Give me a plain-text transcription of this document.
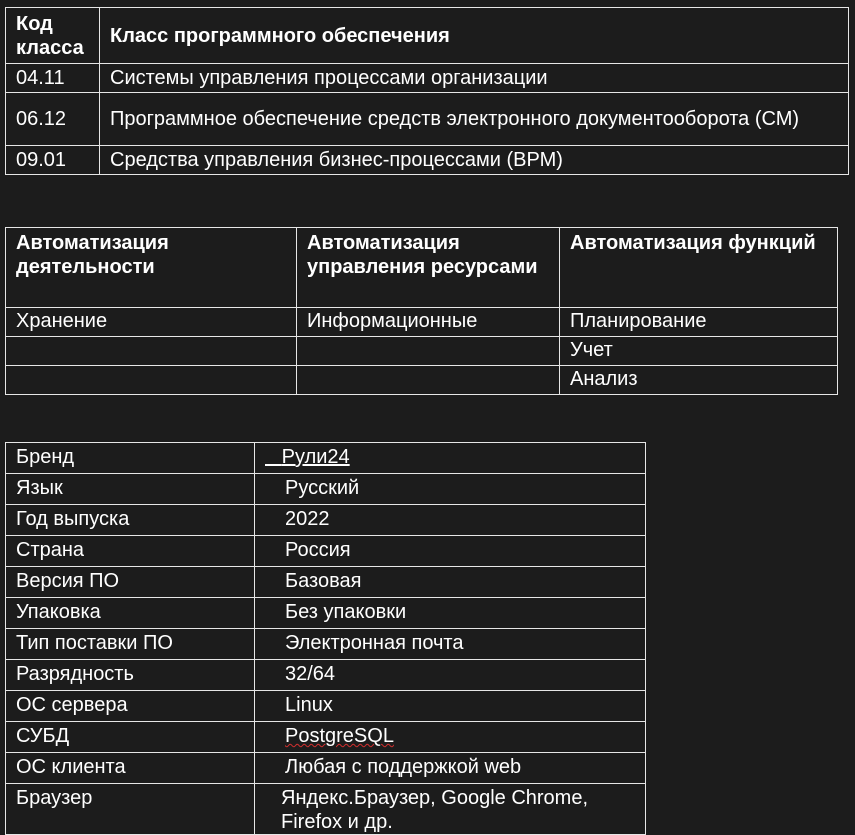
Код класса	Класс программного обеспечения
04.11	Системы управления процессами организации
06.12	Программное обеспечение средств электронного документооборота (СМ)
09.01	Средства управления бизнес-процессами (ВРМ)
Автоматизация деятельности	Автоматизация управления ресурсами	Автоматизация функций
Хранение	Информационные	Планирование
		Учет
		Анализ
Бренд	Рули24
Язык	Русский
Год выпуска	2022
Страна	Россия
Версия ПО	Базовая
Упаковка	Без упаковки
Тип поставки ПО	Электронная почта
Разрядность	32/64
ОС сервера	Linux
СУБД	PostgreSQL
ОС клиента	Любая с поддержкой web
Браузер	Яндекс.Браузер, Google Chrome, Firefox и др.
